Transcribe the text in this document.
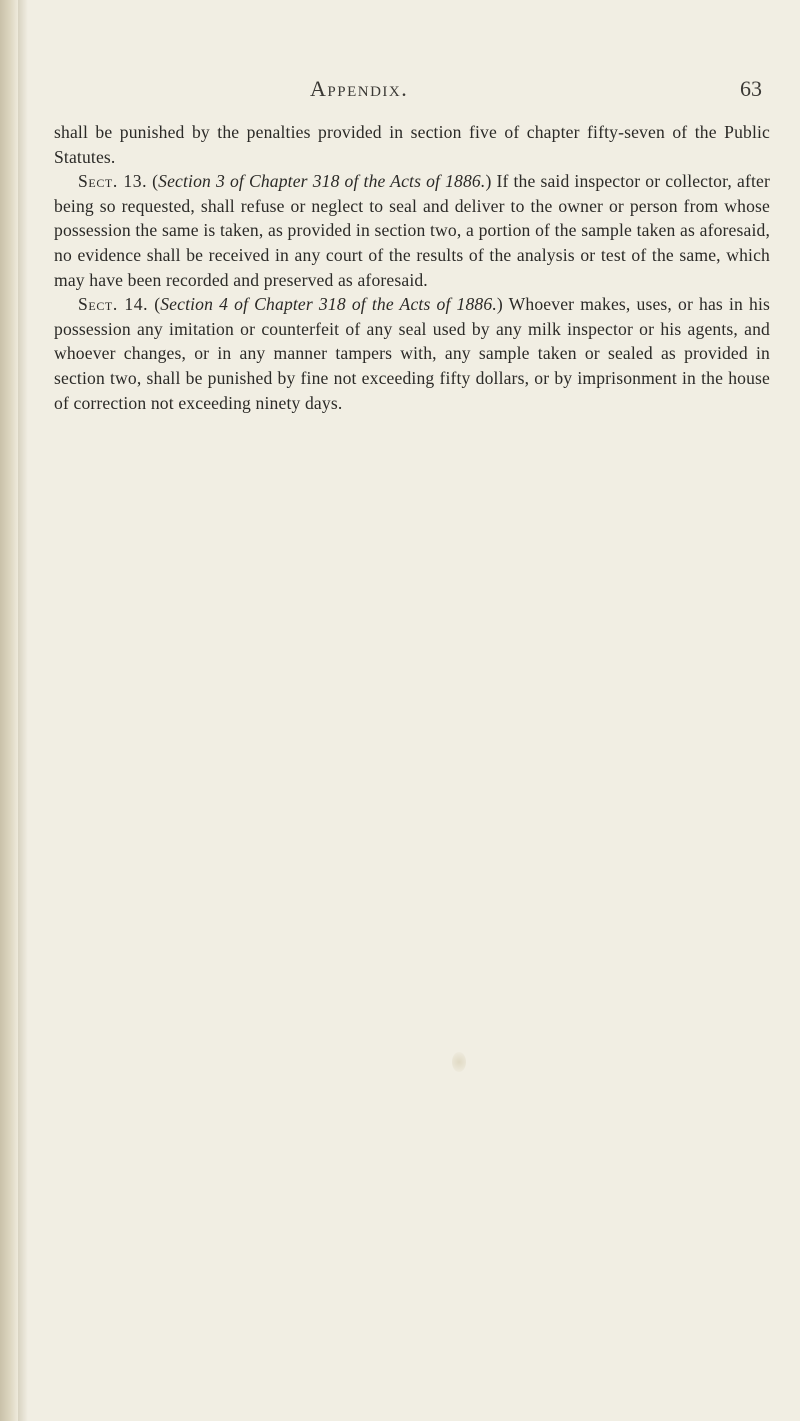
Appendix.	63

shall be punished by the penalties provided in section five of chapter fifty-seven of the Public Statutes.

Sect. 13. (Section 3 of Chapter 318 of the Acts of 1886.) If the said inspector or collector, after being so requested, shall refuse or neglect to seal and deliver to the owner or person from whose possession the same is taken, as provided in section two, a portion of the sample taken as aforesaid, no evidence shall be received in any court of the results of the analysis or test of the same, which may have been recorded and preserved as aforesaid.

Sect. 14. (Section 4 of Chapter 318 of the Acts of 1886.) Whoever makes, uses, or has in his possession any imitation or counterfeit of any seal used by any milk inspector or his agents, and whoever changes, or in any manner tampers with, any sample taken or sealed as provided in section two, shall be punished by fine not exceeding fifty dollars, or by imprisonment in the house of correction not exceeding ninety days.
